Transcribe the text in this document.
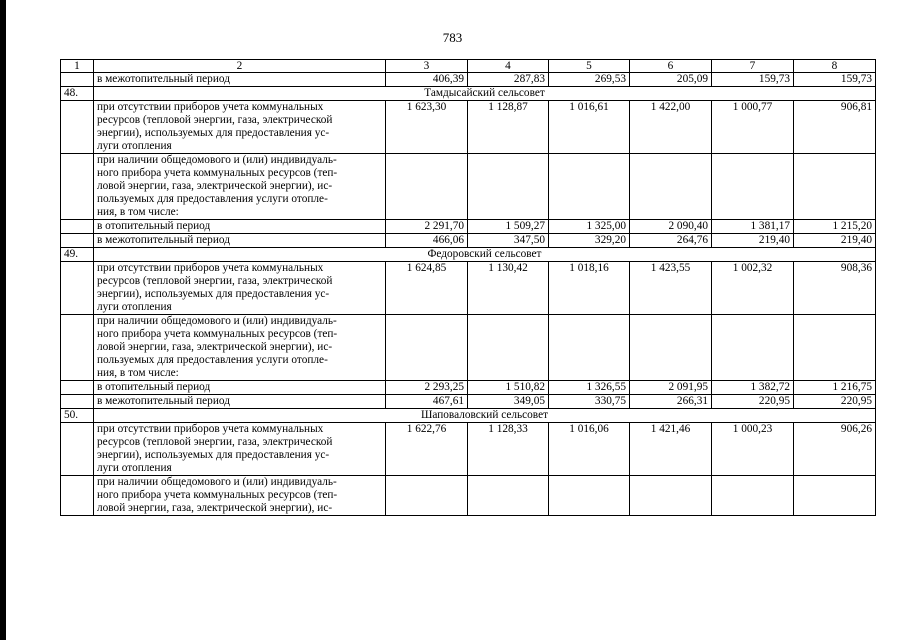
783
1	2	3	4	5	6	7	8
	в межотопительный период	406,39	287,83	269,53	205,09	159,73	159,73
48.	Тамдысайский сельсовет						

	при отсутствии приборов учета коммунальных
ресурсов (тепловой энергии, газа, электрической
энергии), используемых для предоставления ус-
луги отопления	1 623,30	1 128,87	1 016,61	1 422,00	1 000,77	906,81

	при наличии общедомового и (или) индивидуаль-
ного прибора учета коммунальных ресурсов (теп-
ловой энергии, газа, электрической энергии), ис-
пользуемых для предоставления услуги отопле-
ния, в том числе:						

	в отопительный период	2 291,70	1 509,27	1 325,00	2 090,40	1 381,17	1 215,20
	в межотопительный период	466,06	347,50	329,20	264,76	219,40	219,40
49.	Федоровский сельсовет						

	при отсутствии приборов учета коммунальных
ресурсов (тепловой энергии, газа, электрической
энергии), используемых для предоставления ус-
луги отопления	1 624,85	1 130,42	1 018,16	1 423,55	1 002,32	908,36

	при наличии общедомового и (или) индивидуаль-
ного прибора учета коммунальных ресурсов (теп-
ловой энергии, газа, электрической энергии), ис-
пользуемых для предоставления услуги отопле-
ния, в том числе:						

	в отопительный период	2 293,25	1 510,82	1 326,55	2 091,95	1 382,72	1 216,75
	в межотопительный период	467,61	349,05	330,75	266,31	220,95	220,95
50.	Шаповаловский сельсовет						

	при отсутствии приборов учета коммунальных
ресурсов (тепловой энергии, газа, электрической
энергии), используемых для предоставления ус-
луги отопления	1 622,76	1 128,33	1 016,06	1 421,46	1 000,23	906,26

	при наличии общедомового и (или) индивидуаль-
ного прибора учета коммунальных ресурсов (теп-
ловой энергии, газа, электрической энергии), ис-						
